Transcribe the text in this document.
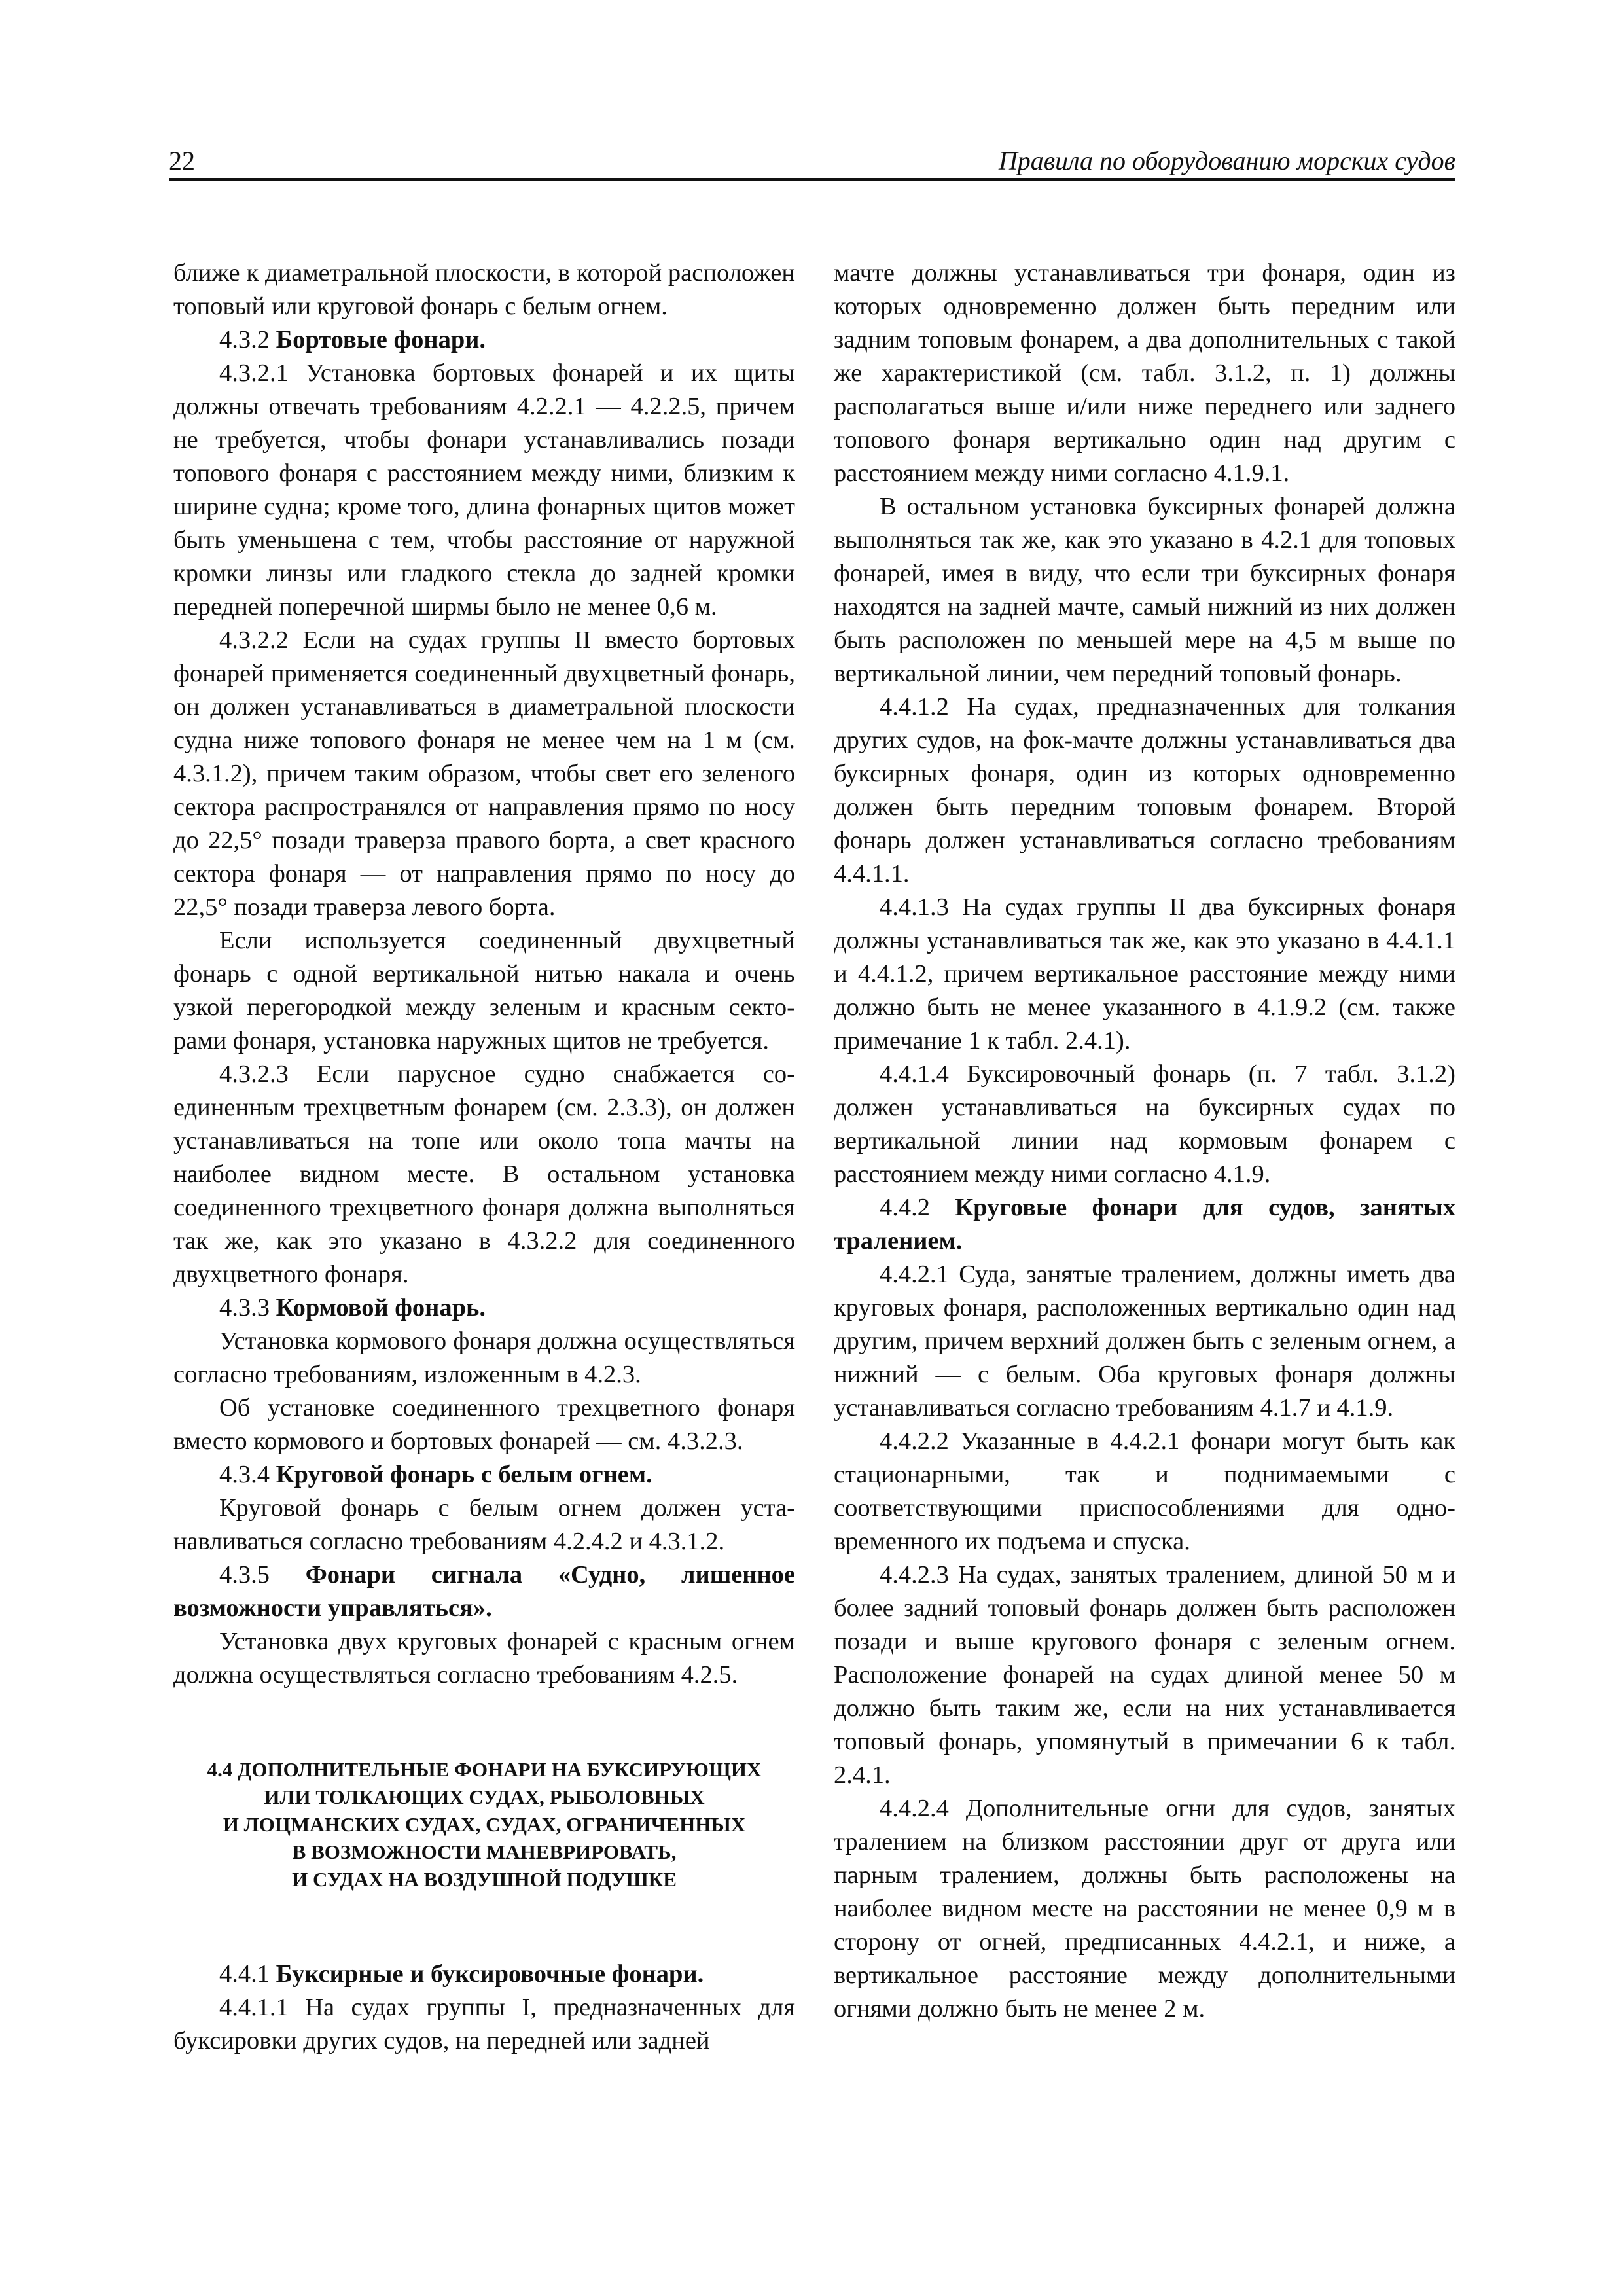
22	Правила по оборудованию морских судов

ближе к диаметральной плоскости, в которой расположен топовый или круговой фонарь с белым огнем.

4.3.2 Бортовые фонари.

4.3.2.1 Установка бортовых фонарей и их щиты должны отвечать требованиям 4.2.2.1 — 4.2.2.5, причем не требуется, чтобы фонари устанавливались позади топового фонаря с расстоянием между ними, близким к ширине судна; кроме того, длина фонарных щитов может быть уменьшена с тем, чтобы расстояние от наружной кромки линзы или гладкого стекла до задней кромки передней поперечной ширмы было не менее 0,6 м.

4.3.2.2 Если на судах группы II вместо бортовых фонарей применяется соединенный двухцветный фонарь, он должен устанавливаться в диаметральной плоскости судна ниже топового фонаря не менее чем на 1 м (см. 4.3.1.2), причем таким образом, чтобы свет его зеленого сектора распространялся от направления прямо по носу до 22,5° позади траверза правого борта, а свет красного сектора фонаря — от направления прямо по носу до 22,5° позади траверза левого борта.

Если используется соединенный двухцветный фонарь с одной вертикальной нитью накала и очень узкой перегородкой между зеленым и красным секторами фонаря, установка наружных щитов не требуется.

4.3.2.3 Если парусное судно снабжается соединенным трехцветным фонарем (см. 2.3.3), он должен устанавливаться на топе или около топа мачты на наиболее видном месте. В остальном установка соединенного трехцветного фонаря должна выполняться так же, как это указано в 4.3.2.2 для соединенного двухцветного фонаря.

4.3.3 Кормовой фонарь.

Установка кормового фонаря должна осуществляться согласно требованиям, изложенным в 4.2.3.

Об установке соединенного трехцветного фонаря вместо кормового и бортовых фонарей — см. 4.3.2.3.

4.3.4 Круговой фонарь с белым огнем.

Круговой фонарь с белым огнем должен устанавливаться согласно требованиям 4.2.4.2 и 4.3.1.2.

4.3.5 Фонари сигнала «Судно, лишенное возможности управляться».

Установка двух круговых фонарей с красным огнем должна осуществляться согласно требованиям 4.2.5.

4.4 ДОПОЛНИТЕЛЬНЫЕ ФОНАРИ НА БУКСИРУЮЩИХ
ИЛИ ТОЛКАЮЩИХ СУДАХ, РЫБОЛОВНЫХ
И ЛОЦМАНСКИХ СУДАХ, СУДАХ, ОГРАНИЧЕННЫХ
В ВОЗМОЖНОСТИ МАНЕВРИРОВАТЬ,
И СУДАХ НА ВОЗДУШНОЙ ПОДУШКЕ

4.4.1 Буксирные и буксировочные фонари.

4.4.1.1 На судах группы I, предназначенных для буксировки других судов, на передней или задней

мачте должны устанавливаться три фонаря, один из которых одновременно должен быть передним или задним топовым фонарем, а два дополнительных с такой же характеристикой (см. табл. 3.1.2, п. 1) должны располагаться выше и/или ниже переднего или заднего топового фонаря вертикально один над другим с расстоянием между ними согласно 4.1.9.1.

В остальном установка буксирных фонарей должна выполняться так же, как это указано в 4.2.1 для топовых фонарей, имея в виду, что если три буксирных фонаря находятся на задней мачте, самый нижний из них должен быть расположен по меньшей мере на 4,5 м выше по вертикальной линии, чем передний топовый фонарь.

4.4.1.2 На судах, предназначенных для толкания других судов, на фок-мачте должны устанавливаться два буксирных фонаря, один из которых одновременно должен быть передним топовым фонарем. Второй фонарь должен устанавливаться согласно требованиям 4.4.1.1.

4.4.1.3 На судах группы II два буксирных фонаря должны устанавливаться так же, как это указано в 4.4.1.1 и 4.4.1.2, причем вертикальное расстояние между ними должно быть не менее указанного в 4.1.9.2 (см. также примечание 1 к табл. 2.4.1).

4.4.1.4 Буксировочный фонарь (п. 7 табл. 3.1.2) должен устанавливаться на буксирных судах по вертикальной линии над кормовым фонарем с расстоянием между ними согласно 4.1.9.

4.4.2 Круговые фонари для судов, занятых тралением.

4.4.2.1 Суда, занятые тралением, должны иметь два круговых фонаря, расположенных вертикально один над другим, причем верхний должен быть с зеленым огнем, а нижний — с белым. Оба круговых фонаря должны устанавливаться согласно требованиям 4.1.7 и 4.1.9.

4.4.2.2 Указанные в 4.4.2.1 фонари могут быть как стационарными, так и поднимаемыми с соответствующими приспособлениями для одновременного их подъема и спуска.

4.4.2.3 На судах, занятых тралением, длиной 50 м и более задний топовый фонарь должен быть расположен позади и выше кругового фонаря с зеленым огнем. Расположение фонарей на судах длиной менее 50 м должно быть таким же, если на них устанавливается топовый фонарь, упомянутый в примечании 6 к табл. 2.4.1.

4.4.2.4 Дополнительные огни для судов, занятых тралением на близком расстоянии друг от друга или парным тралением, должны быть расположены на наиболее видном месте на расстоянии не менее 0,9 м в сторону от огней, предписанных 4.4.2.1, и ниже, а вертикальное расстояние между дополнительными огнями должно быть не менее 2 м.
